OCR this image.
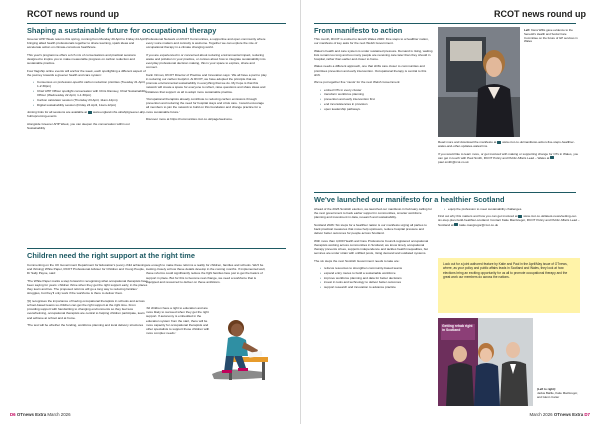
RCOT news round up
Shaping a sustainable future for occupational therapy

Greener AHP Week returns this spring, running from Monday 20 April to Friday 24 April, bringing allied health professionals together to share learning, spark ideas and accelerate action on climate-conscious healthcare.

This year's programme offers a rich mix of conversations and practical sessions designed to inspire you to make measurable progress on carbon reduction and sustainable practice.

Four flagship online events will anchor the week, each spotlighting a different aspect of the journey towards a greener health and care system:

• Consensus on profession-specific carbon reduction priorities (Tuesday 21 April, 1-2:30pm)
• Chief AHP Officer spotlight conversation with Chris Ramsey, Chief Sustainability Officer (Wednesday 22 April, 1-1:30pm)
• Carbon calculator session (Thursday 23 April, 11am-12pm)
• Digital sustainability session (Friday 24 April, 11am-12pm)

Joining links for all sessions are available at www.england.nhs.uk/ahp/greener-ahp-hub/upcoming-events

Alongside Greener AHP Week, you can deepen the conversation within our Sustainability

Professional Network on RCOT Communities, a supportive and open community where every voice matters and curiosity is welcome. Together we can explore the role of occupational therapy in a climate changing world.

If you are experienced in or concerned about reducing environmental impact, reducing waste and pollution in your practice, or curious about how to integrate sustainability into everyday professional decision making, this is your space to explore, share and connect.

Karin Orman, RCOT Director of Practice and Innovation says: 'We all have a part to play in reducing our carbon footprint. At RCOT, we have adopted the principle that we promote environmental sustainability in everything that we do. My hope is that this network will create a space for everyone to reflect, raise questions and share ideas and initiatives that support us all to adopt more sustainable practice.

'Occupational therapists already contribute to reducing carbon emissions through prevention and reducing the need for hospital stays and crisis care. I would encourage all members to join the network to build on this foundation and change practice for a more sustainable future.'

Discover more at https://communities.rcot.co.uk/page/welcome.

Children need the right support at the right time

Commenting on the UK Government Department for Education's (every child achieving and thriving) White Paper, RCOT Professional Adviser for Children and Young People, Dr Sally Payne, said:

'The White Paper marks a step forward in recognising what occupational therapists have been saying for years: children thrive when they get the right support early, in the places they learn and live. The proposed reforms will go a long way to reducing families' struggles, but they'll only work if the workforce is there to deliver them.

'[It] recognises the importance of having occupational therapists in schools and across school-based teams so children can get the right support at the right time. From providing support with handwriting to changing environments so they feel less overwhelming, occupational therapists are central to helping children participate, learn and achieve at school and at home.

'The test will be whether the funding, workforce planning and local delivery structures

are enough to make these reforms a reality for children, families and schools. We'll be looking closely at how these details develop in the coming months. If implemented well, these reforms could significantly reduce the fight families face just to get the basics of support in place. But for this to become real change, we need a workforce that is equipped and resourced to deliver on these ambitions.

'All children have a right to education and are more likely to succeed when they get the right support. If autonomy is embedded in the education system from the start, there will be more capacity for occupational therapists and other specialists to support those children with more complex needs.'

D6 OTnews Extra March 2026
RCOT news round up
From manifesto to action

This month, RCOT is excited to launch Wales 2026: Five steps to a healthier nation, our manifesto of key asks for the next Welsh Government.

Wales's health and care system is under sustained pressure. Demand is rising, waiting lists remain too long and too many people are receiving care later than they should in hospital, rather than earlier and closer to home.

Wales needs a different approach, one that shifts care closer to communities and prioritises prevention and early intervention. Occupational therapy is central to this shift.

We've put together five 'musts' for the next Welsh Government:

• embed OTs in every cluster
• transform workforce planning
• prevention and early intervention first
• end inconsistencies in provision
• open leadership pathways.
Left: Kiera Willis gave evidence to the Senedd's Health and Social Care Committee on the future of GP services in Wales

Read more and download the manifesto at www.rcot.co.uk/manifesto-action-five-steps-healthier-wales-and-other-updates-wales/rms.

If you would like to learn more, or get involved with making or supporting change for OTs in Wales, you can get in touch with Paul Smith, RCOT Policy and Public Affairs Lead – Wales at paul.smith@rcot.co.uk

We've launched our manifesto for a healthier Scotland

Ahead of the 2026 Scottish election, we launched our manifesto in February calling for the next government to back earlier support in communities, smarter workforce planning and investment in data, research and sustainability.

Scotland 2026: Six steps for a healthier nation is our manifesto urging all parties to back practical measures that move help upstream, reduce hospital pressure and deliver better outcomes for people across Scotland.

With more than 4,000 Health and Care Professions Council-registered occupational therapists working across communities in Scotland, we know timely occupational therapy prevents crises, supports independence and tackles health inequalities, but services are under strain with unfilled posts, rising demand and outdated systems.

The six steps the next Scottish Government needs to take are:

• refocus resources to strengthen community-based teams
• expand entry routes to build a sustainable workforce
• improve workforce planning and data for better decisions
• invest in tools and technology to deliver better outcomes
• support research and innovation to advance practice
• equip the profession to meet sustainability challenges.

Find out why this matters and how you can get involved at www.rcot.co.uk/latest-news/setting-our-six-step-plan-build-healthier-scotland. Contact Katie MacGregor, RCOT Policy and Public Affairs Lead – Scotland at katie.macgregor@rcot.co.uk

Look out for a joint authored feature by Katie and Paul in the April/May issue of OTnews, where, as your policy and public affairs leads in Scotland and Wales, they look at how elections bring an exciting opportunity for us all to promote occupational therapy and the great work our members do across the nations.
Getting rehab right in Scotland
(Left to right):
Jackie Baillie, Katie MacGregor, and Glenn Carter
March 2026 OTnews Extra D7
